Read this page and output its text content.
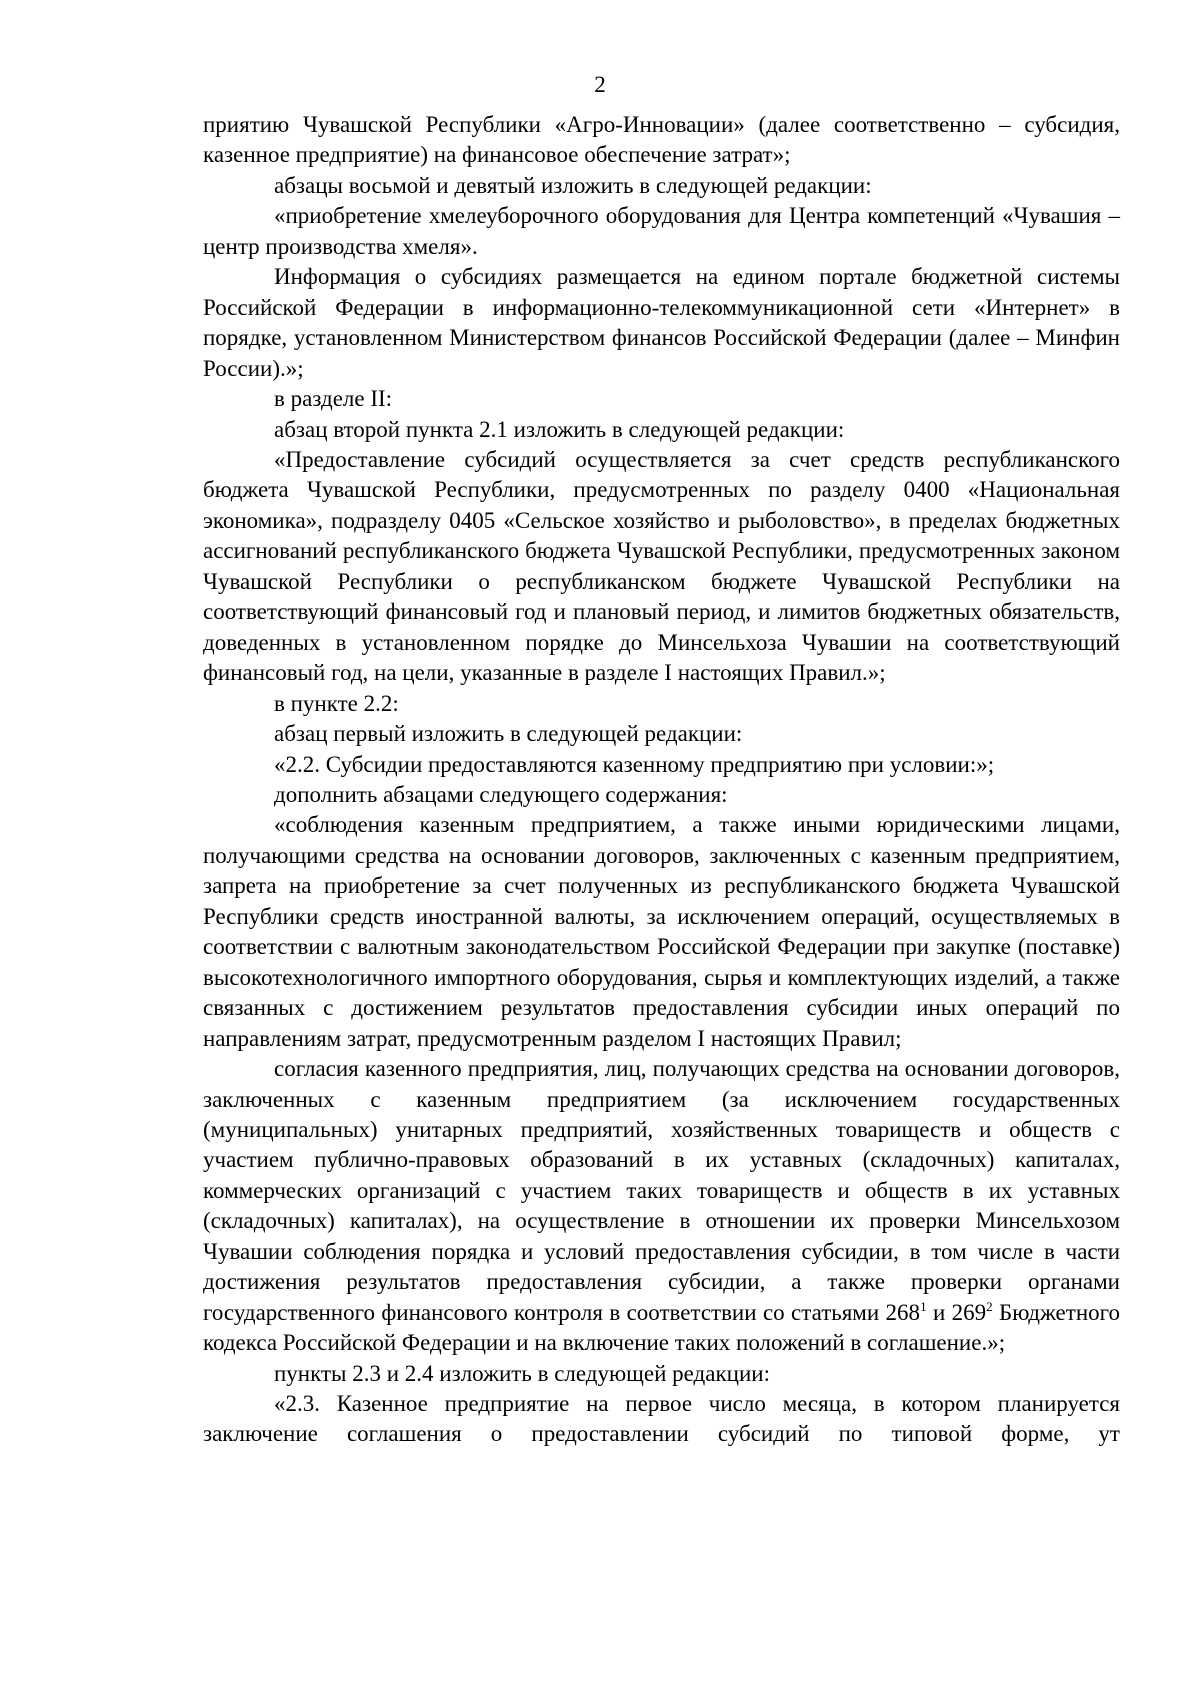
2

приятию Чувашской Республики «Агро-Инновации» (далее соответственно – субсидия, казенное предприятие) на финансовое обеспечение затрат»;

абзацы восьмой и девятый изложить в следующей редакции:

«приобретение хмелеуборочного оборудования для Центра компетенций «Чувашия – центр производства хмеля».

Информация о субсидиях размещается на едином портале бюджетной системы Российской Федерации в информационно-телекоммуникационной сети «Интернет» в порядке, установленном Министерством финансов Российской Федерации (далее – Минфин России).»;

в разделе II:

абзац второй пункта 2.1 изложить в следующей редакции:

«Предоставление субсидий осуществляется за счет средств республиканского бюджета Чувашской Республики, предусмотренных по разделу 0400 «Национальная экономика», подразделу 0405 «Сельское хозяйство и рыболовство», в пределах бюджетных ассигнований республиканского бюджета Чувашской Республики, предусмотренных законом Чувашской Республики о республиканском бюджете Чувашской Республики на соответствующий финансовый год и плановый период, и лимитов бюджетных обязательств, доведенных в установленном порядке до Минсельхоза Чувашии на соответствующий финансовый год, на цели, указанные в разделе I настоящих Правил.»;

в пункте 2.2:

абзац первый изложить в следующей редакции:

«2.2. Субсидии предоставляются казенному предприятию при условии:»;

дополнить абзацами следующего содержания:

«соблюдения казенным предприятием, а также иными юридическими лицами, получающими средства на основании договоров, заключенных с казенным предприятием, запрета на приобретение за счет полученных из республиканского бюджета Чувашской Республики средств иностранной валюты, за исключением операций, осуществляемых в соответствии с валютным законодательством Российской Федерации при закупке (поставке) высокотехнологичного импортного оборудования, сырья и комплектующих изделий, а также связанных с достижением результатов предоставления субсидии иных операций по направлениям затрат, предусмотренным разделом I настоящих Правил;

согласия казенного предприятия, лиц, получающих средства на основании договоров, заключенных с казенным предприятием (за исключением государственных (муниципальных) унитарных предприятий, хозяйственных товариществ и обществ с участием публично-правовых образований в их уставных (складочных) капиталах, коммерческих организаций с участием таких товариществ и обществ в их уставных (складочных) капиталах), на осуществление в отношении их проверки Минсельхозом Чувашии соблюдения порядка и условий предоставления субсидии, в том числе в части достижения результатов предоставления субсидии, а также проверки органами государственного финансового контроля в соответствии со статьями $268^1$ и $269^2$ Бюджетного кодекса Российской Федерации и на включение таких положений в соглашение.»;

пункты 2.3 и 2.4 изложить в следующей редакции:

«2.3. Казенное предприятие на первое число месяца, в котором планируется заключение соглашения о предоставлении субсидий по типовой форме, ут
